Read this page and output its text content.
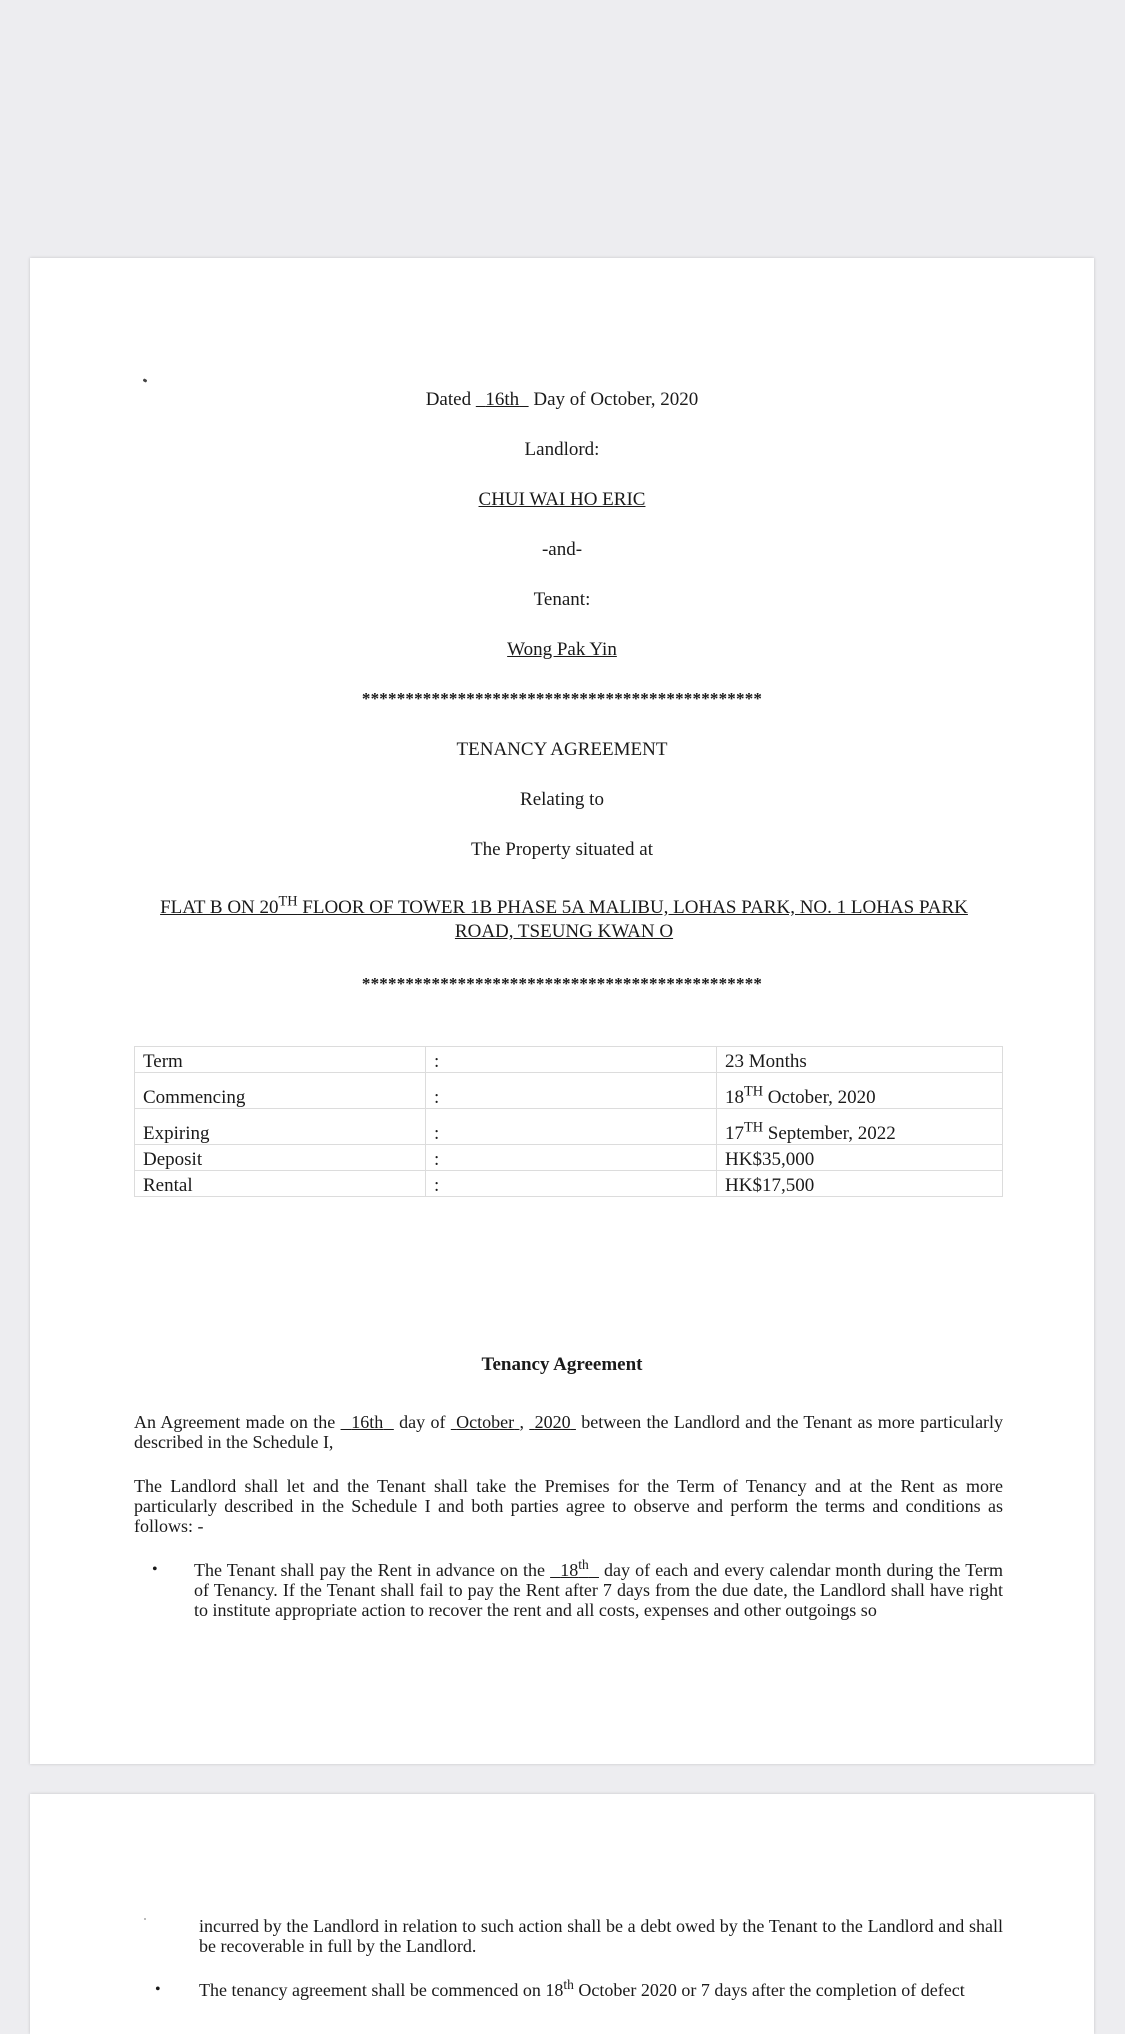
Dated   16th   Day of October, 2020
Landlord:
CHUI WAI HO ERIC
-and-
Tenant:
Wong Pak Yin
**********************************************
TENANCY AGREEMENT
Relating to
The Property situated at
FLAT B ON 20TH FLOOR OF TOWER 1B PHASE 5A MALIBU, LOHAS PARK, NO. 1 LOHAS PARK ROAD, TSEUNG KWAN O
**********************************************
Term	:	23 Months
Commencing	:	18TH October, 2020
Expiring	:	17TH September, 2022
Deposit	:	HK$35,000
Rental	:	HK$17,500
Tenancy Agreement
An Agreement made on the   16th   day of  October ,  2020  between the Landlord and the Tenant as more particularly described in the Schedule I,
The Landlord shall let and the Tenant shall take the Premises for the Term of Tenancy and at the Rent as more particularly described in the Schedule I and both parties agree to observe and perform the terms and conditions as follows: -
• The Tenant shall pay the Rent in advance on the   18th   day of each and every calendar month during the Term of Tenancy. If the Tenant shall fail to pay the Rent after 7 days from the due date, the Landlord shall have right to institute appropriate action to recover the rent and all costs, expenses and other outgoings so
incurred by the Landlord in relation to such action shall be a debt owed by the Tenant to the Landlord and shall be recoverable in full by the Landlord.
• The tenancy agreement shall be commenced on 18th October 2020 or 7 days after the completion of defect
